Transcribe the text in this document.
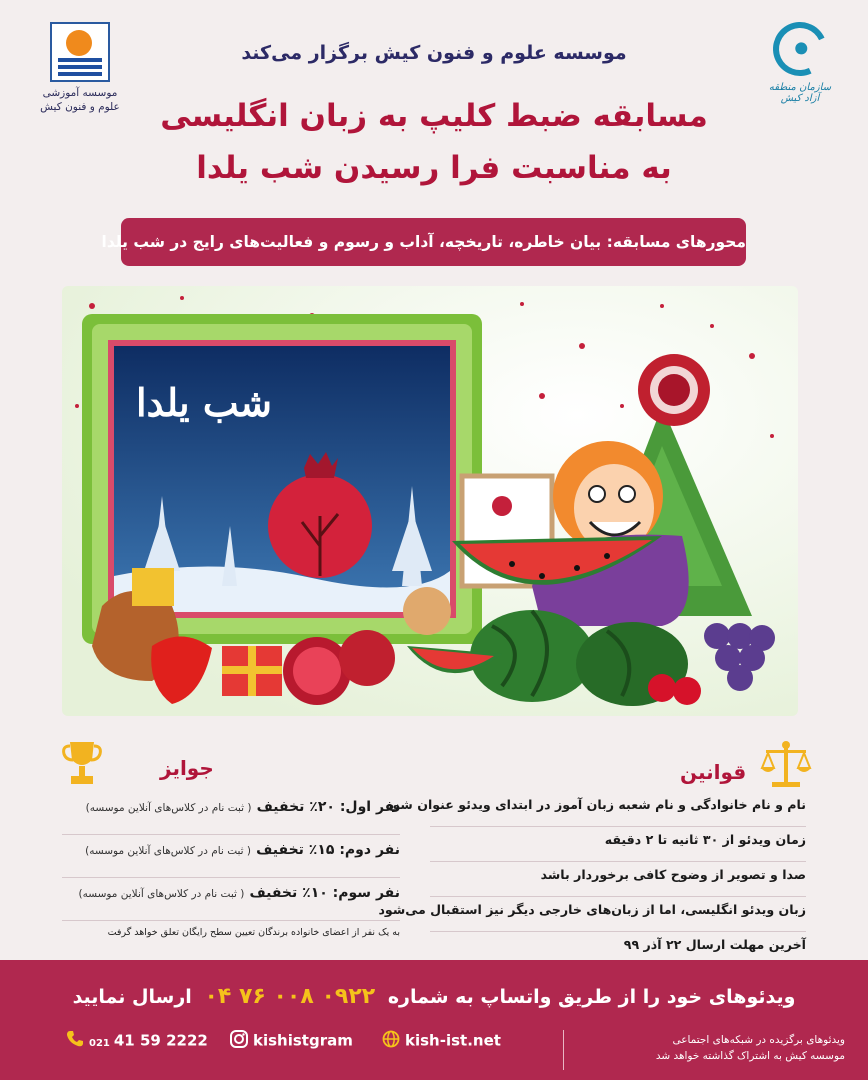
سازمان منطقه آزاد کیش
موسسه آموزشی
علوم و فنون کیش
موسسه علوم و فنون کیش برگزار می‌کند
مسابقه ضبط کلیپ به زبان انگلیسی
به مناسبت فرا رسیدن شب یلدا
محورهای مسابقه: بیان خاطره، تاریخچه، آداب و رسوم و فعالیت‌های رایج در شب یلدا
شب یلدا
قوانین
نام و نام خانوادگی و نام شعبه زبان آموز در ابتدای ویدئو عنوان شود
زمان ویدئو از ۳۰ ثانیه تا ۲ دقیقه
صدا و تصویر از وضوح کافی برخوردار باشد
زبان ویدئو انگلیسی، اما از زبان‌های خارجی دیگر نیز استقبال می‌شود
آخرین مهلت ارسال ۲۲ آذر ۹۹
جوایز
نفر اول: ۲۰٪ تخفیف ( ثبت نام در کلاس‌های آنلاین موسسه)
نفر دوم: ۱۵٪ تخفیف ( ثبت نام در کلاس‌های آنلاین موسسه)
نفر سوم: ۱۰٪ تخفیف ( ثبت نام در کلاس‌های آنلاین موسسه)
به یک نفر از اعضای خانواده برندگان تعیین سطح رایگان تعلق خواهد گرفت
ویدئوهای خود را از طریق واتساپ به شماره ۰۹۲۲ ۰۰۸ ۷۶ ۰۴ ارسال نمایید
021 41 59 2222	kishistgram	kish-ist.net	ویدئوهای برگزیده در شبکه‌های اجتماعی
موسسه کیش به اشتراک گذاشته خواهد شد
